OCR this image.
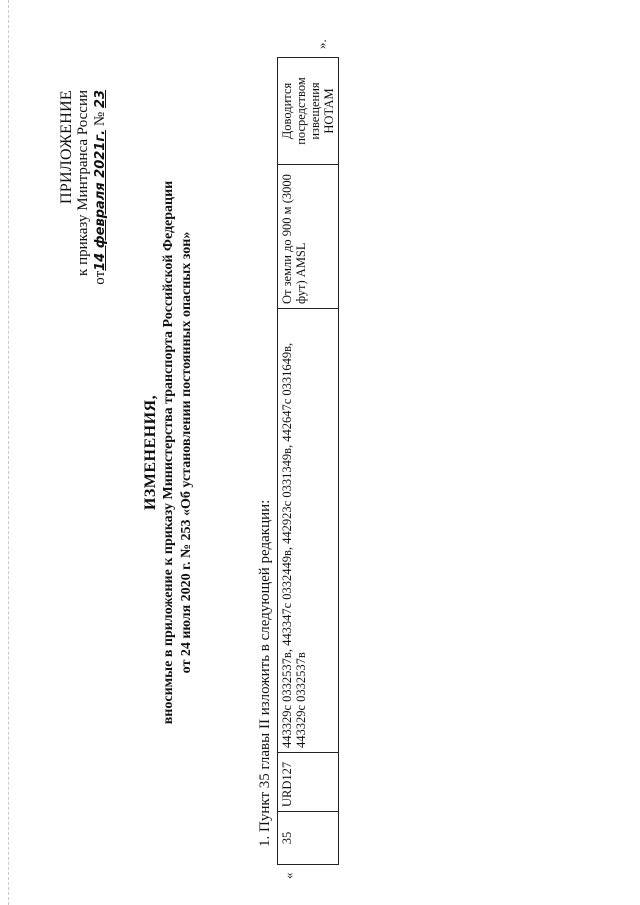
ПРИЛОЖЕНИЕ к приказу Минтранса России
от14 февраля 2021г. № 23
ИЗМЕНЕНИЯ, вносимые в приложение к приказу Министерства транспорта Российской Федерации от 24 июля 2020 г. № 253 «Об установлении постоянных опасных зон»	1. Пункт 35 главы II изложить в следующей редакции:
«
35	URD127	443329с 0332537в, 443347с 0332449в, 442923с 0331349в, 442647с 0331649в, 443329с 0332537в	От земли до 900 м (3000 фут) AMSL	Доводится посредством извещения НОТАМ
».
